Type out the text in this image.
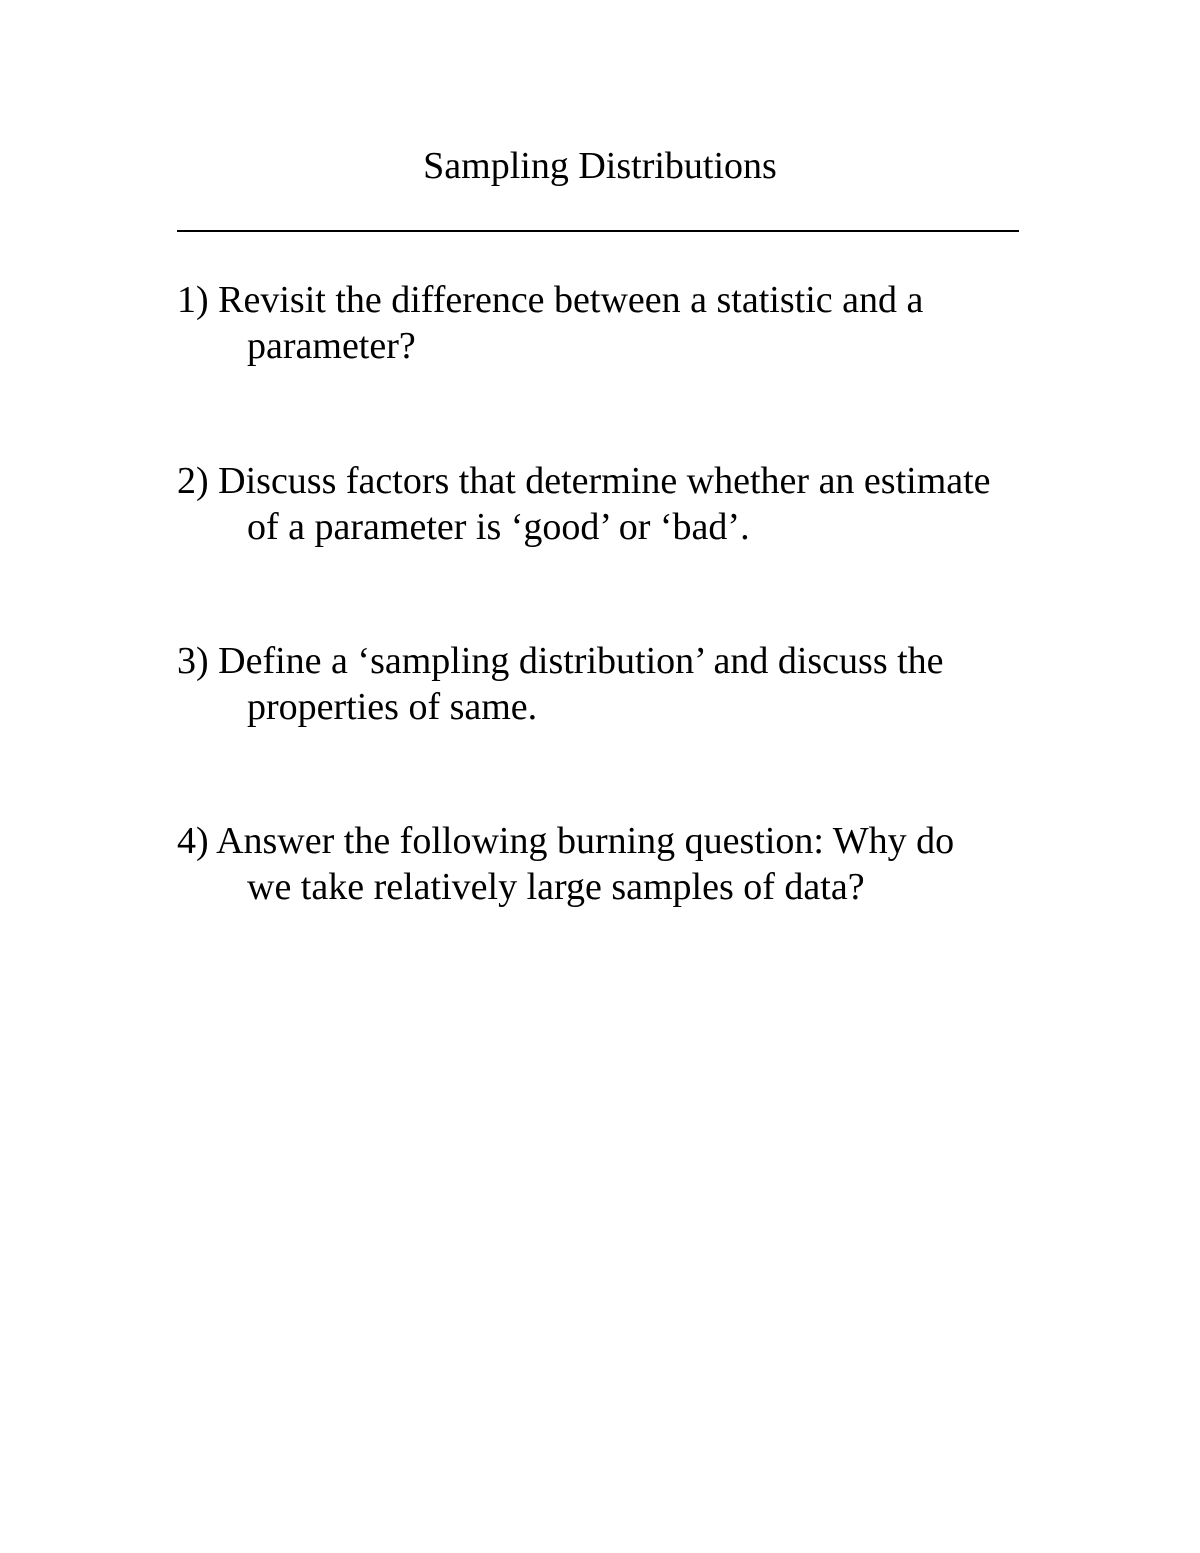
Sampling Distributions
1) Revisit the difference between a statistic and a
parameter?
2) Discuss factors that determine whether an estimate
of a parameter is ‘good’ or ‘bad’.
3) Define a ‘sampling distribution’ and discuss the
properties of same.
4) Answer the following burning question: Why do
we take relatively large samples of data?
